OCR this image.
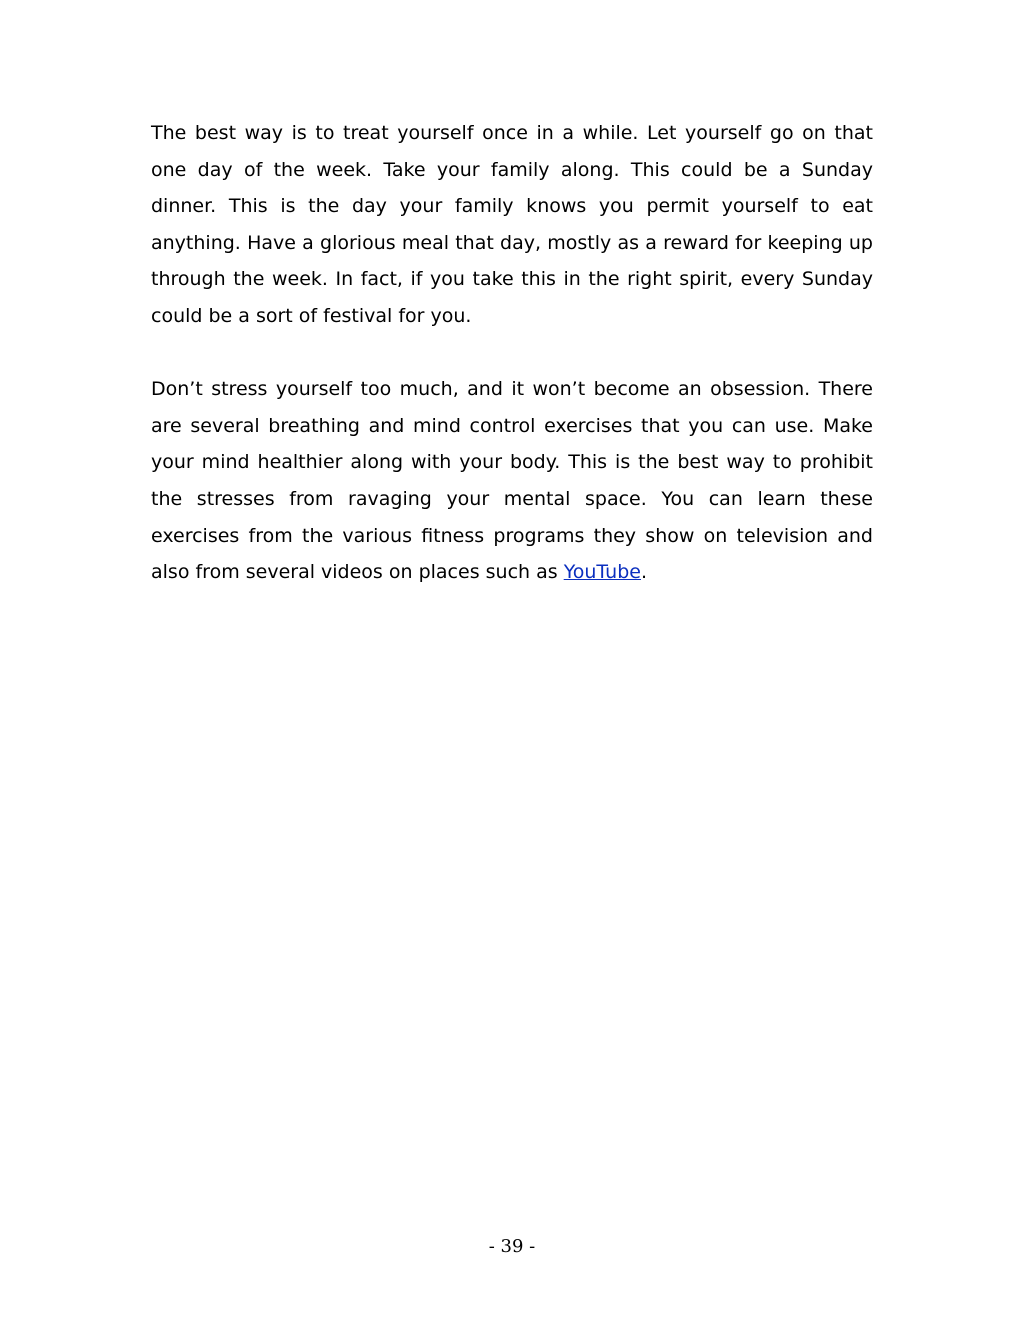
The best way is to treat yourself once in a while. Let yourself go on that one day of the week. Take your family along. This could be a Sunday dinner. This is the day your family knows you permit yourself to eat anything. Have a glorious meal that day, mostly as a reward for keeping up through the week. In fact, if you take this in the right spirit, every Sunday could be a sort of festival for you.

Don’t stress yourself too much, and it won’t become an obsession. There are several breathing and mind control exercises that you can use. Make your mind healthier along with your body. This is the best way to prohibit the stresses from ravaging your mental space. You can learn these exercises from the various fitness programs they show on television and also from several videos on places such as YouTube.

- 39 -
